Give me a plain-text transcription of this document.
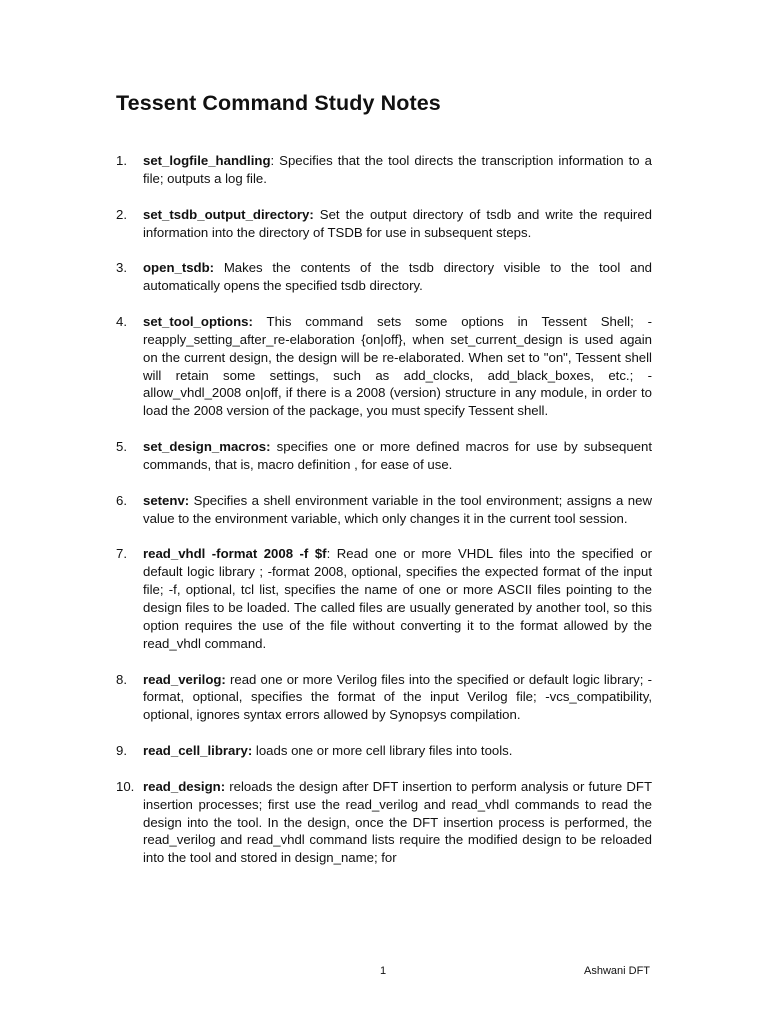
Tessent Command Study Notes
1. set_logfile_handling: Specifies that the tool directs the transcription information to a file; outputs a log file.
2. set_tsdb_output_directory: Set the output directory of tsdb and write the required information into the directory of TSDB for use in subsequent steps.
3. open_tsdb: Makes the contents of the tsdb directory visible to the tool and automatically opens the specified tsdb directory.
4. set_tool_options: This command sets some options in Tessent Shell; -reapply_setting_after_re-elaboration {on|off}, when set_current_design is used again on the current design, the design will be re-elaborated. When set to "on", Tessent shell will retain some settings, such as add_clocks, add_black_boxes, etc.; -allow_vhdl_2008 on|off, if there is a 2008 (version) structure in any module, in order to load the 2008 version of the package, you must specify Tessent shell.
5. set_design_macros: specifies one or more defined macros for use by subsequent commands, that is, macro definition , for ease of use.
6. setenv: Specifies a shell environment variable in the tool environment; assigns a new value to the environment variable, which only changes it in the current tool session.
7. read_vhdl -format 2008 -f $f: Read one or more VHDL files into the specified or default logic library ; -format 2008, optional, specifies the expected format of the input file; -f, optional, tcl list, specifies the name of one or more ASCII files pointing to the design files to be loaded. The called files are usually generated by another tool, so this option requires the use of the file without converting it to the format allowed by the read_vhdl command.
8. read_verilog: read one or more Verilog files into the specified or default logic library; -format, optional, specifies the format of the input Verilog file; -vcs_compatibility, optional, ignores syntax errors allowed by Synopsys compilation.
9. read_cell_library: loads one or more cell library files into tools.
10. read_design: reloads the design after DFT insertion to perform analysis or future DFT insertion processes; first use the read_verilog and read_vhdl commands to read the design into the tool. In the design, once the DFT insertion process is performed, the read_verilog and read_vhdl command lists require the modified design to be reloaded into the tool and stored in design_name; for
1	Ashwani DFT
